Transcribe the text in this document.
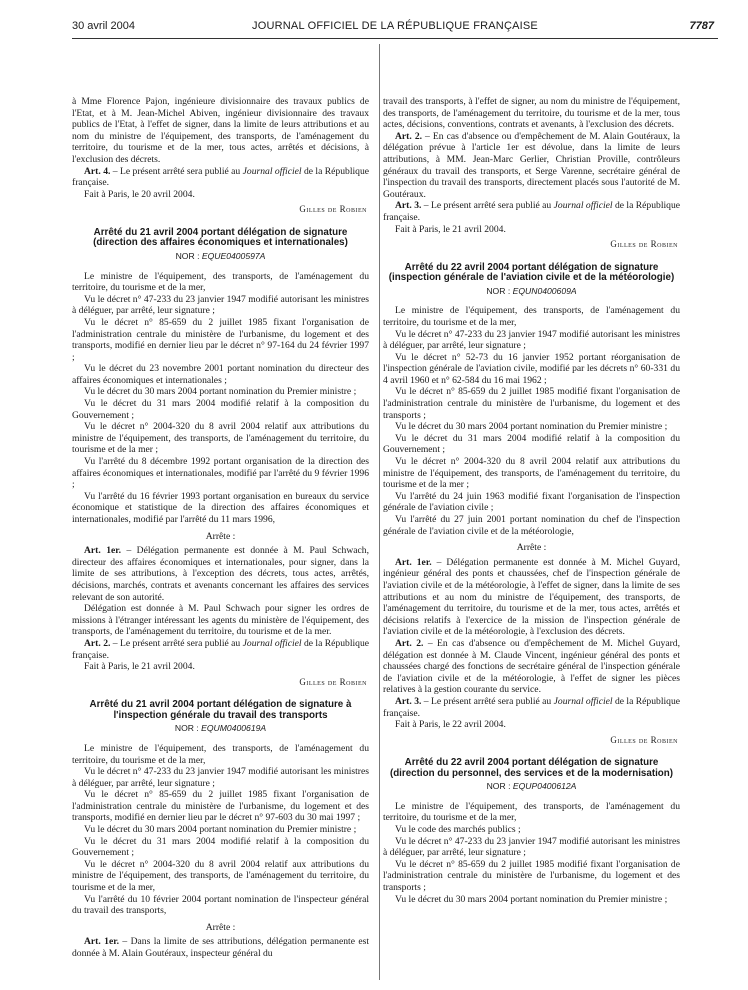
30 avril 2004	JOURNAL OFFICIEL DE LA RÉPUBLIQUE FRANÇAISE	7787

à Mme Florence Pajon, ingénieure divisionnaire des travaux publics de l'Etat, et à M. Jean-Michel Abiven, ingénieur divisionnaire des travaux publics de l'Etat, à l'effet de signer, dans la limite de leurs attributions et au nom du ministre de l'équipement, des transports, de l'aménagement du territoire, du tourisme et de la mer, tous actes, arrêtés et décisions, à l'exclusion des décrets.

Art. 4. – Le présent arrêté sera publié au Journal officiel de la République française.

Fait à Paris, le 20 avril 2004.

Gilles de Robien
Arrêté du 21 avril 2004 portant délégation de signature (direction des affaires économiques et internationales)
NOR : EQUE0400597A

Le ministre de l'équipement, des transports, de l'aménagement du territoire, du tourisme et de la mer,

Vu le décret n° 47-233 du 23 janvier 1947 modifié autorisant les ministres à déléguer, par arrêté, leur signature ;

Vu le décret n° 85-659 du 2 juillet 1985 fixant l'organisation de l'administration centrale du ministère de l'urbanisme, du logement et des transports, modifié en dernier lieu par le décret n° 97-164 du 24 février 1997 ;

Vu le décret du 23 novembre 2001 portant nomination du directeur des affaires économiques et internationales ;

Vu le décret du 30 mars 2004 portant nomination du Premier ministre ;

Vu le décret du 31 mars 2004 modifié relatif à la composition du Gouvernement ;

Vu le décret n° 2004-320 du 8 avril 2004 relatif aux attributions du ministre de l'équipement, des transports, de l'aménagement du territoire, du tourisme et de la mer ;

Vu l'arrêté du 8 décembre 1992 portant organisation de la direction des affaires économiques et internationales, modifié par l'arrêté du 9 février 1996 ;

Vu l'arrêté du 16 février 1993 portant organisation en bureaux du service économique et statistique de la direction des affaires économiques et internationales, modifié par l'arrêté du 11 mars 1996,

Arrête :

Art. 1er. – Délégation permanente est donnée à M. Paul Schwach, directeur des affaires économiques et internationales, pour signer, dans la limite de ses attributions, à l'exception des décrets, tous actes, arrêtés, décisions, marchés, contrats et avenants concernant les affaires des services relevant de son autorité.

Délégation est donnée à M. Paul Schwach pour signer les ordres de missions à l'étranger intéressant les agents du ministère de l'équipement, des transports, de l'aménagement du territoire, du tourisme et de la mer.

Art. 2. – Le présent arrêté sera publié au Journal officiel de la République française.

Fait à Paris, le 21 avril 2004.

Gilles de Robien
Arrêté du 21 avril 2004 portant délégation de signature à l'inspection générale du travail des transports
NOR : EQUM0400619A

Le ministre de l'équipement, des transports, de l'aménagement du territoire, du tourisme et de la mer,

Vu le décret n° 47-233 du 23 janvier 1947 modifié autorisant les ministres à déléguer, par arrêté, leur signature ;

Vu le décret n° 85-659 du 2 juillet 1985 fixant l'organisation de l'administration centrale du ministère de l'urbanisme, du logement et des transports, modifié en dernier lieu par le décret n° 97-603 du 30 mai 1997 ;

Vu le décret du 30 mars 2004 portant nomination du Premier ministre ;

Vu le décret du 31 mars 2004 modifié relatif à la composition du Gouvernement ;

Vu le décret n° 2004-320 du 8 avril 2004 relatif aux attributions du ministre de l'équipement, des transports, de l'aménagement du territoire, du tourisme et de la mer,

Vu l'arrêté du 10 février 2004 portant nomination de l'inspecteur général du travail des transports,

Arrête :

Art. 1er. – Dans la limite de ses attributions, délégation permanente est donnée à M. Alain Goutéraux, inspecteur général du

travail des transports, à l'effet de signer, au nom du ministre de l'équipement, des transports, de l'aménagement du territoire, du tourisme et de la mer, tous actes, décisions, conventions, contrats et avenants, à l'exclusion des décrets.

Art. 2. – En cas d'absence ou d'empêchement de M. Alain Goutéraux, la délégation prévue à l'article 1er est dévolue, dans la limite de leurs attributions, à MM. Jean-Marc Gerlier, Christian Proville, contrôleurs généraux du travail des transports, et Serge Varenne, secrétaire général de l'inspection du travail des transports, directement placés sous l'autorité de M. Goutéraux.

Art. 3. – Le présent arrêté sera publié au Journal officiel de la République française.

Fait à Paris, le 21 avril 2004.

Gilles de Robien
Arrêté du 22 avril 2004 portant délégation de signature (inspection générale de l'aviation civile et de la météorologie)
NOR : EQUN0400609A

Le ministre de l'équipement, des transports, de l'aménagement du territoire, du tourisme et de la mer,

Vu le décret n° 47-233 du 23 janvier 1947 modifié autorisant les ministres à déléguer, par arrêté, leur signature ;

Vu le décret n° 52-73 du 16 janvier 1952 portant réorganisation de l'inspection générale de l'aviation civile, modifié par les décrets n° 60-331 du 4 avril 1960 et n° 62-584 du 16 mai 1962 ;

Vu le décret n° 85-659 du 2 juillet 1985 modifié fixant l'organisation de l'administration centrale du ministère de l'urbanisme, du logement et des transports ;

Vu le décret du 30 mars 2004 portant nomination du Premier ministre ;

Vu le décret du 31 mars 2004 modifié relatif à la composition du Gouvernement ;

Vu le décret n° 2004-320 du 8 avril 2004 relatif aux attributions du ministre de l'équipement, des transports, de l'aménagement du territoire, du tourisme et de la mer ;

Vu l'arrêté du 24 juin 1963 modifié fixant l'organisation de l'inspection générale de l'aviation civile ;

Vu l'arrêté du 27 juin 2001 portant nomination du chef de l'inspection générale de l'aviation civile et de la météorologie,

Arrête :

Art. 1er. – Délégation permanente est donnée à M. Michel Guyard, ingénieur général des ponts et chaussées, chef de l'inspection générale de l'aviation civile et de la météorologie, à l'effet de signer, dans la limite de ses attributions et au nom du ministre de l'équipement, des transports, de l'aménagement du territoire, du tourisme et de la mer, tous actes, arrêtés et décisions relatifs à l'exercice de la mission de l'inspection générale de l'aviation civile et de la météorologie, à l'exclusion des décrets.

Art. 2. – En cas d'absence ou d'empêchement de M. Michel Guyard, délégation est donnée à M. Claude Vincent, ingénieur général des ponts et chaussées chargé des fonctions de secrétaire général de l'inspection générale de l'aviation civile et de la météorologie, à l'effet de signer les pièces relatives à la gestion courante du service.

Art. 3. – Le présent arrêté sera publié au Journal officiel de la République française.

Fait à Paris, le 22 avril 2004.

Gilles de Robien
Arrêté du 22 avril 2004 portant délégation de signature (direction du personnel, des services et de la modernisation)
NOR : EQUP0400612A

Le ministre de l'équipement, des transports, de l'aménagement du territoire, du tourisme et de la mer,

Vu le code des marchés publics ;

Vu le décret n° 47-233 du 23 janvier 1947 modifié autorisant les ministres à déléguer, par arrêté, leur signature ;

Vu le décret n° 85-659 du 2 juillet 1985 modifié fixant l'organisation de l'administration centrale du ministère de l'urbanisme, du logement et des transports ;

Vu le décret du 30 mars 2004 portant nomination du Premier ministre ;
